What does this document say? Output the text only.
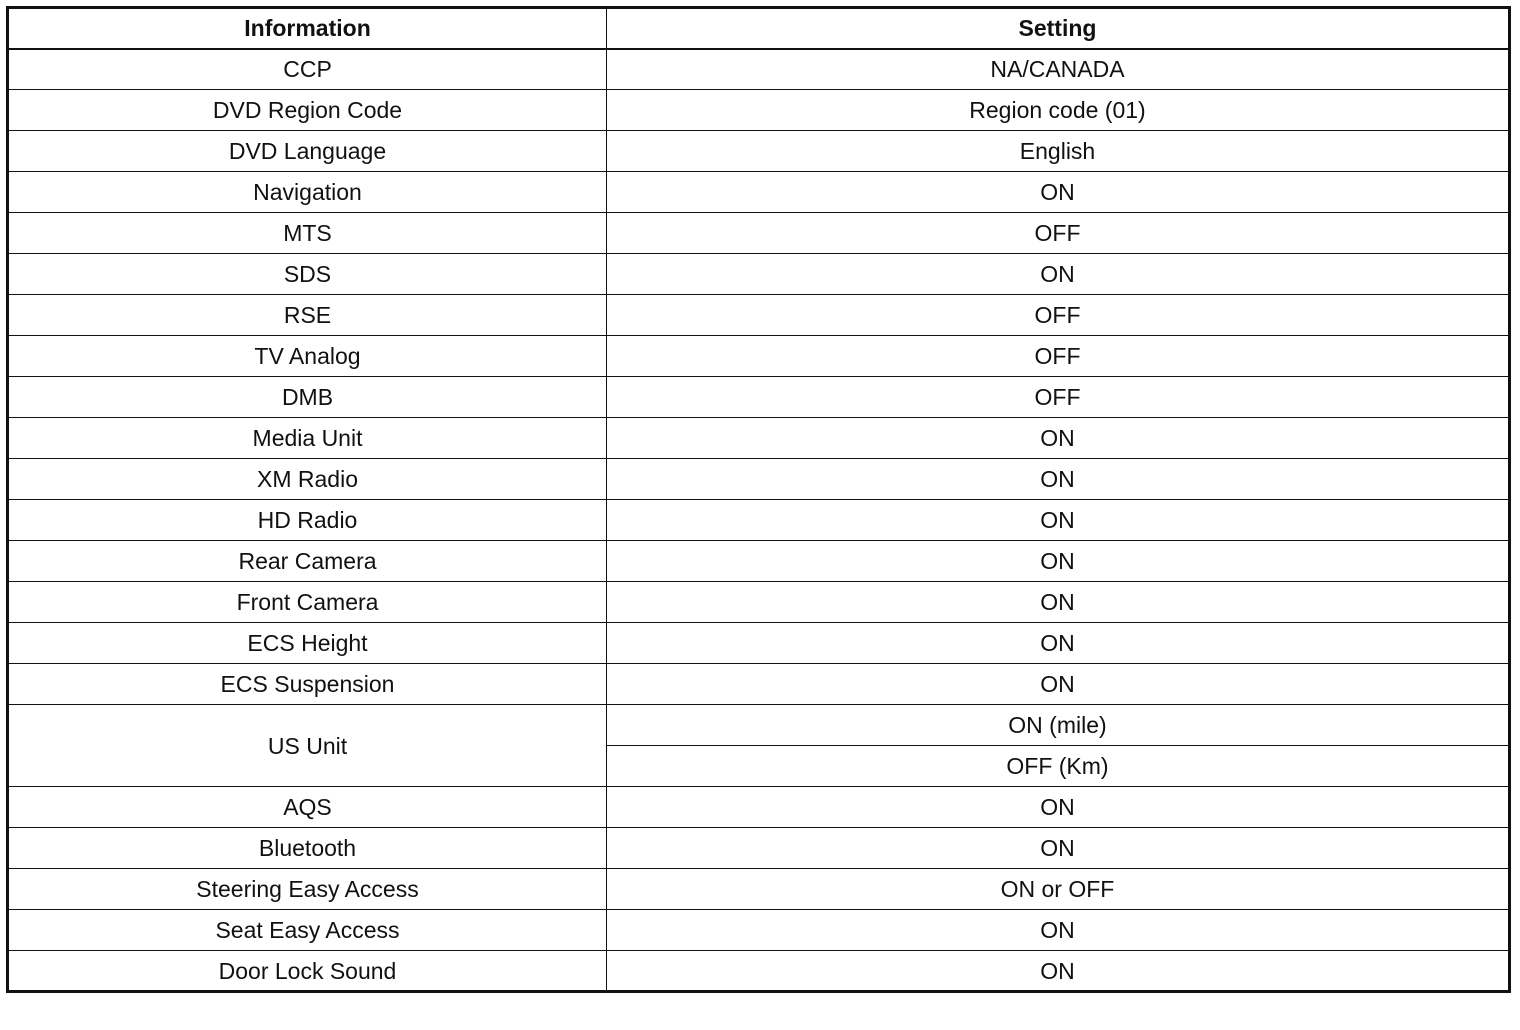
Information	Setting
CCP	NA/CANADA
DVD Region Code	Region code (01)
DVD Language	English
Navigation	ON
MTS	OFF
SDS	ON
RSE	OFF
TV Analog	OFF
DMB	OFF
Media Unit	ON
XM Radio	ON
HD Radio	ON
Rear Camera	ON
Front Camera	ON
ECS Height	ON
ECS Suspension	ON
US Unit	ON (mile)
	OFF (Km)
AQS	ON
Bluetooth	ON
Steering Easy Access	ON or OFF
Seat Easy Access	ON
Door Lock Sound	ON
